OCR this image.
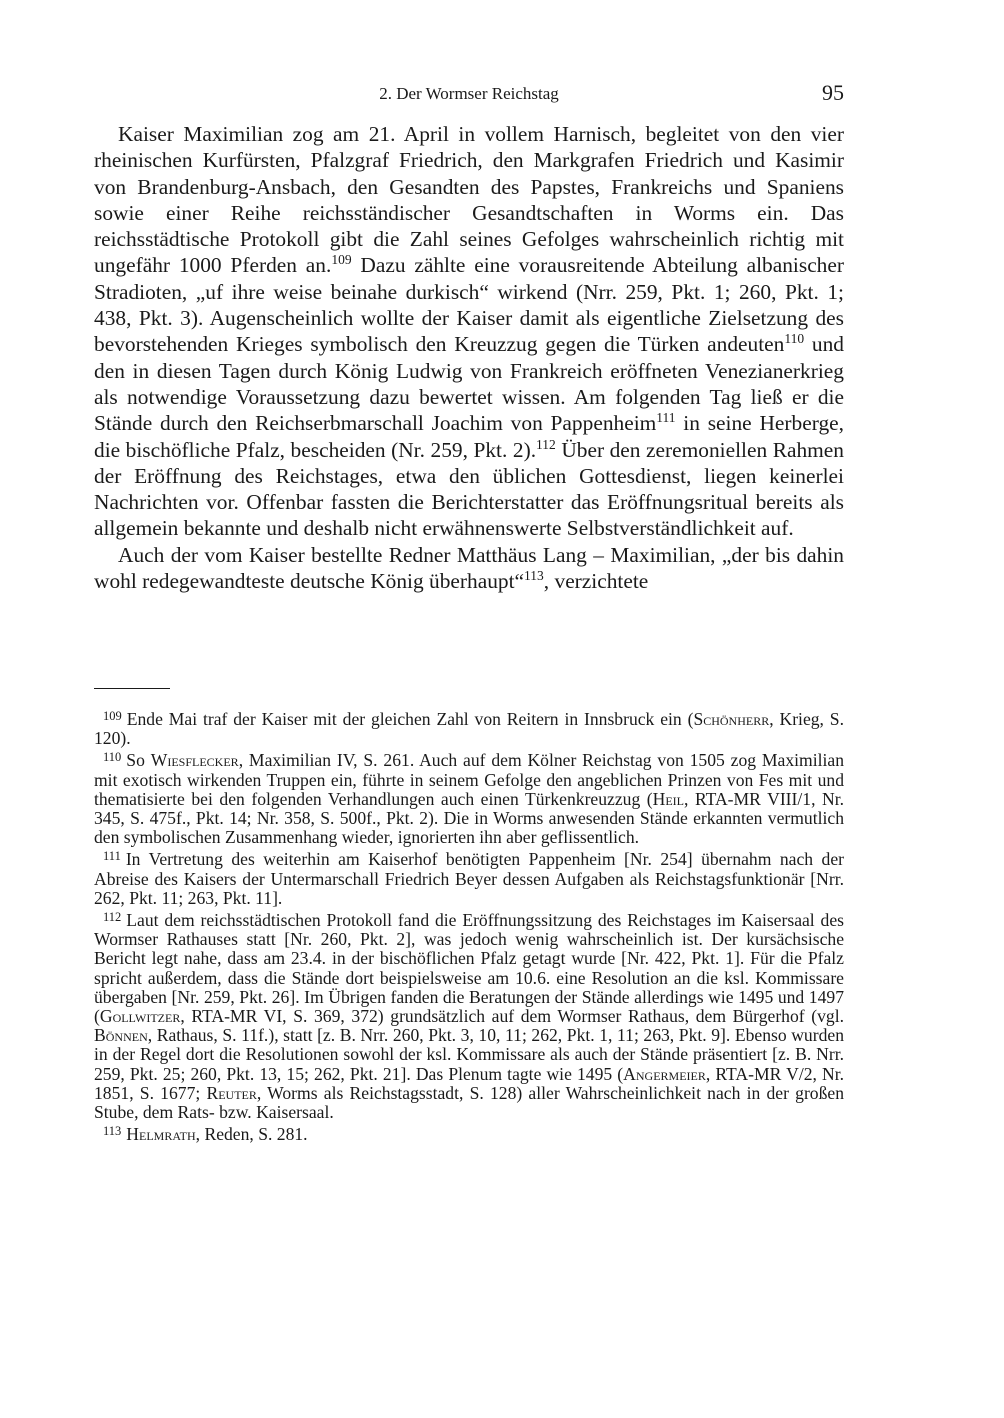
2. Der Wormser Reichstag	95

Kaiser Maximilian zog am 21. April in vollem Harnisch, begleitet von den vier rheinischen Kurfürsten, Pfalzgraf Friedrich, den Markgrafen Friedrich und Kasimir von Brandenburg-Ansbach, den Gesandten des Papstes, Frankreichs und Spaniens sowie einer Reihe reichsständischer Gesandtschaften in Worms ein. Das reichsstädtische Protokoll gibt die Zahl seines Gefolges wahrscheinlich richtig mit ungefähr 1000 Pferden an.$^{109}$ Dazu zählte eine vorausreitende Abteilung albanischer Stradioten, „uf ihre weise beinahe durkisch“ wirkend (Nrr. 259, Pkt. 1; 260, Pkt. 1; 438, Pkt. 3). Augenscheinlich wollte der Kaiser damit als eigentliche Zielsetzung des bevorstehenden Krieges symbolisch den Kreuzzug gegen die Türken andeuten$^{110}$ und den in diesen Tagen durch König Ludwig von Frankreich eröffneten Venezianerkrieg als notwendige Voraussetzung dazu bewertet wissen. Am folgenden Tag ließ er die Stände durch den Reichserbmarschall Joachim von Pappenheim$^{111}$ in seine Herberge, die bischöfliche Pfalz, bescheiden (Nr. 259, Pkt. 2).$^{112}$ Über den zeremoniellen Rahmen der Eröffnung des Reichstages, etwa den üblichen Gottesdienst, liegen keinerlei Nachrichten vor. Offenbar fassten die Berichterstatter das Eröffnungsritual bereits als allgemein bekannte und deshalb nicht erwähnenswerte Selbstverständlichkeit auf.

Auch der vom Kaiser bestellte Redner Matthäus Lang – Maximilian, „der bis dahin wohl redegewandteste deutsche König überhaupt“$^{113}$, verzichtete

$^{109}$ Ende Mai traf der Kaiser mit der gleichen Zahl von Reitern in Innsbruck ein (Schönherr, Krieg, S. 120).

$^{110}$ So Wiesflecker, Maximilian IV, S. 261. Auch auf dem Kölner Reichstag von 1505 zog Maximilian mit exotisch wirkenden Truppen ein, führte in seinem Gefolge den angeblichen Prinzen von Fes mit und thematisierte bei den folgenden Verhandlungen auch einen Türkenkreuzzug (Heil, RTA-MR VIII/1, Nr. 345, S. 475f., Pkt. 14; Nr. 358, S. 500f., Pkt. 2). Die in Worms anwesenden Stände erkannten vermutlich den symbolischen Zusammenhang wieder, ignorierten ihn aber geflissentlich.

$^{111}$ In Vertretung des weiterhin am Kaiserhof benötigten Pappenheim [Nr. 254] übernahm nach der Abreise des Kaisers der Untermarschall Friedrich Beyer dessen Aufgaben als Reichstagsfunktionär [Nrr. 262, Pkt. 11; 263, Pkt. 11].

$^{112}$ Laut dem reichsstädtischen Protokoll fand die Eröffnungssitzung des Reichstages im Kaisersaal des Wormser Rathauses statt [Nr. 260, Pkt. 2], was jedoch wenig wahrscheinlich ist. Der kursächsische Bericht legt nahe, dass am 23.4. in der bischöflichen Pfalz getagt wurde [Nr. 422, Pkt. 1]. Für die Pfalz spricht außerdem, dass die Stände dort beispielsweise am 10.6. eine Resolution an die ksl. Kommissare übergaben [Nr. 259, Pkt. 26]. Im Übrigen fanden die Beratungen der Stände allerdings wie 1495 und 1497 (Gollwitzer, RTA-MR VI, S. 369, 372) grundsätzlich auf dem Wormser Rathaus, dem Bürgerhof (vgl. Bönnen, Rathaus, S. 11f.), statt [z. B. Nrr. 260, Pkt. 3, 10, 11; 262, Pkt. 1, 11; 263, Pkt. 9]. Ebenso wurden in der Regel dort die Resolutionen sowohl der ksl. Kommissare als auch der Stände präsentiert [z. B. Nrr. 259, Pkt. 25; 260, Pkt. 13, 15; 262, Pkt. 21]. Das Plenum tagte wie 1495 (Angermeier, RTA-MR V/2, Nr. 1851, S. 1677; Reuter, Worms als Reichstagsstadt, S. 128) aller Wahrscheinlichkeit nach in der großen Stube, dem Rats- bzw. Kaisersaal.

$^{113}$ Helmrath, Reden, S. 281.
